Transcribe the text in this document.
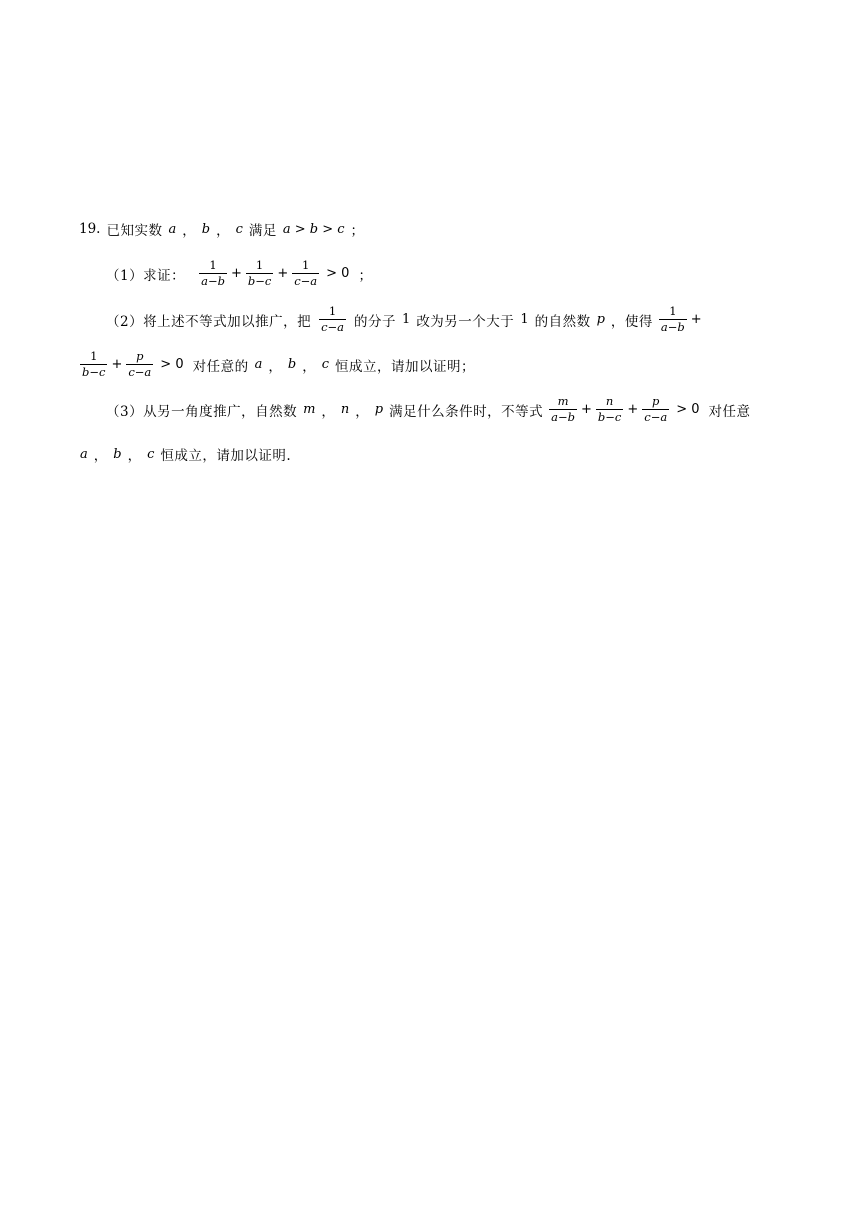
19. 已知实数 a ， b ， c 满足 a > b > c ；
（1）求证： $\frac{1}{a-b} + \frac{1}{b-c} + \frac{1}{c-a} > 0$ ；
（2）将上述不等式加以推广，把 $\frac{1}{c-a}$ 的分子 1 改为另一个大于 1 的自然数 p ，使得 $\frac{1}{a-b}$ +
$\frac{1}{b-c} + \frac{p}{c-a} > 0$ 对任意的 a ， b ， c 恒成立，请加以证明；
（3）从另一角度推广，自然数 m ， n ， p 满足什么条件时，不等式 $\frac{m}{a-b} + \frac{n}{b-c} + \frac{p}{c-a} > 0$ 对任意
a ， b ， c 恒成立，请加以证明.
